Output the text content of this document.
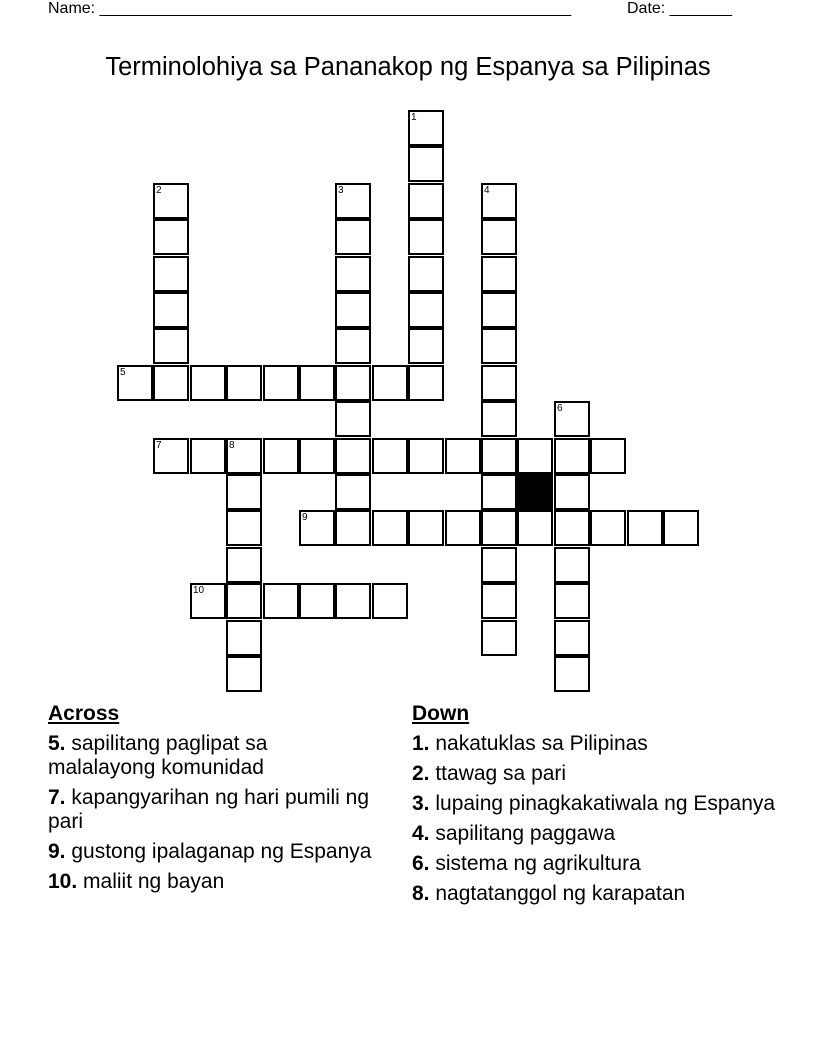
Name: _____________________________________________________	Date: _______
Terminolohiya sa Pananakop ng Espanya sa Pilipinas
1
2	3	4
5
6
7	8
9
10
Across
5. sapilitang paglipat sa malalayong komunidad
7. kapangyarihan ng hari pumili ng pari
9. gustong ipalaganap ng Espanya
10. maliit ng bayan
Down
1. nakatuklas sa Pilipinas
2. ttawag sa pari
3. lupaing pinagkakatiwala ng Espanya
4. sapilitang paggawa
6. sistema ng agrikultura
8. nagtatanggol ng karapatan
